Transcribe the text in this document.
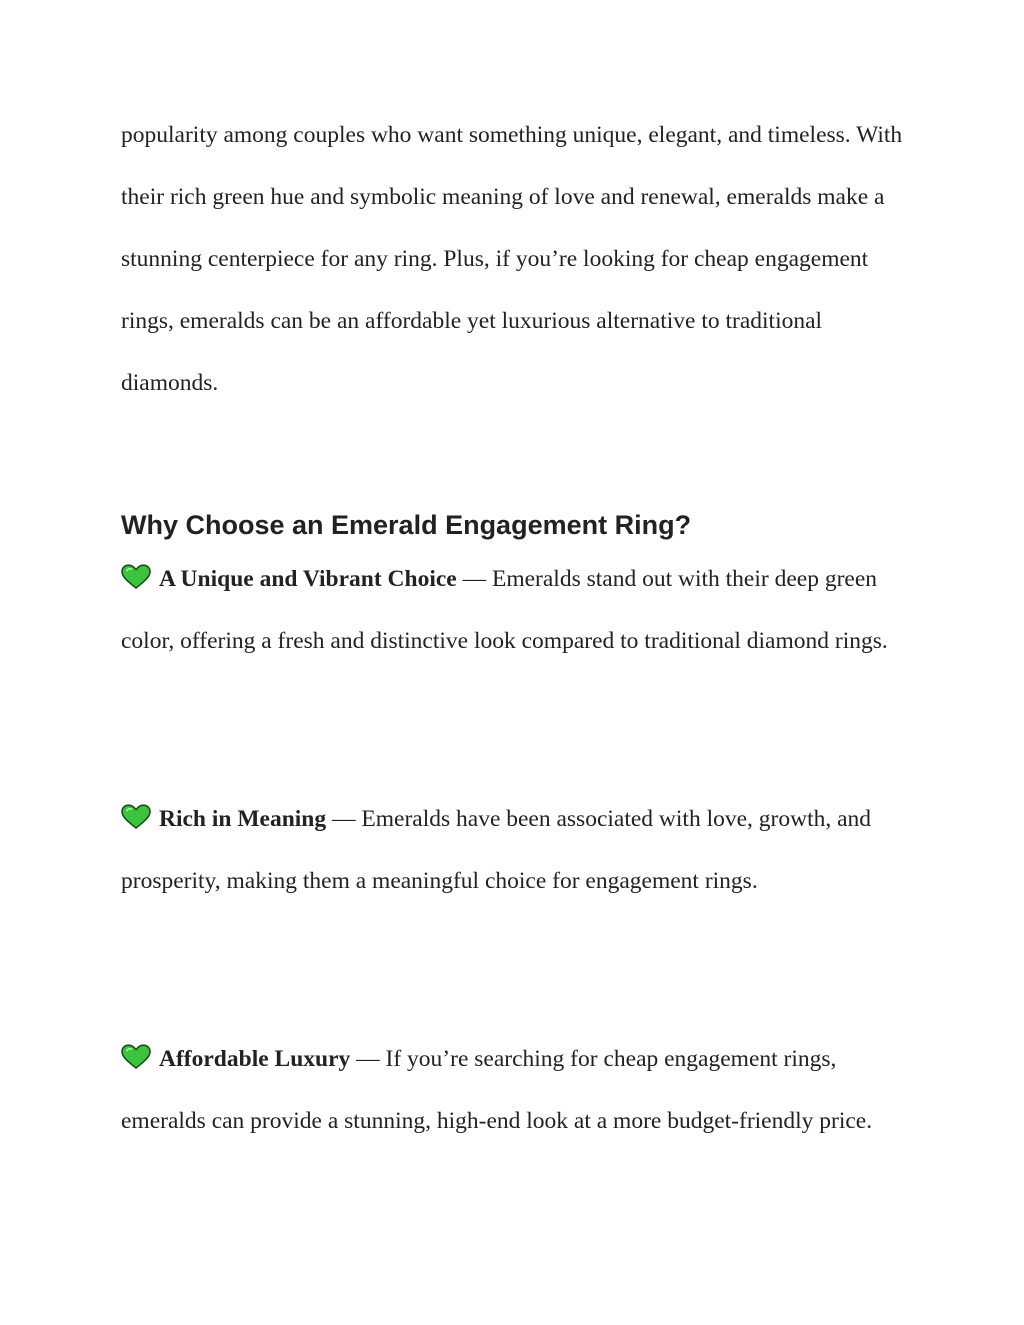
popularity among couples who want something unique, elegant, and timeless. With their rich green hue and symbolic meaning of love and renewal, emeralds make a stunning centerpiece for any ring. Plus, if you’re looking for cheap engagement rings, emeralds can be an affordable yet luxurious alternative to traditional diamonds.

Why Choose an Emerald Engagement Ring?

A Unique and Vibrant Choice — Emeralds stand out with their deep green color, offering a fresh and distinctive look compared to traditional diamond rings.

Rich in Meaning — Emeralds have been associated with love, growth, and prosperity, making them a meaningful choice for engagement rings.

Affordable Luxury — If you’re searching for cheap engagement rings, emeralds can provide a stunning, high-end look at a more budget-friendly price.
